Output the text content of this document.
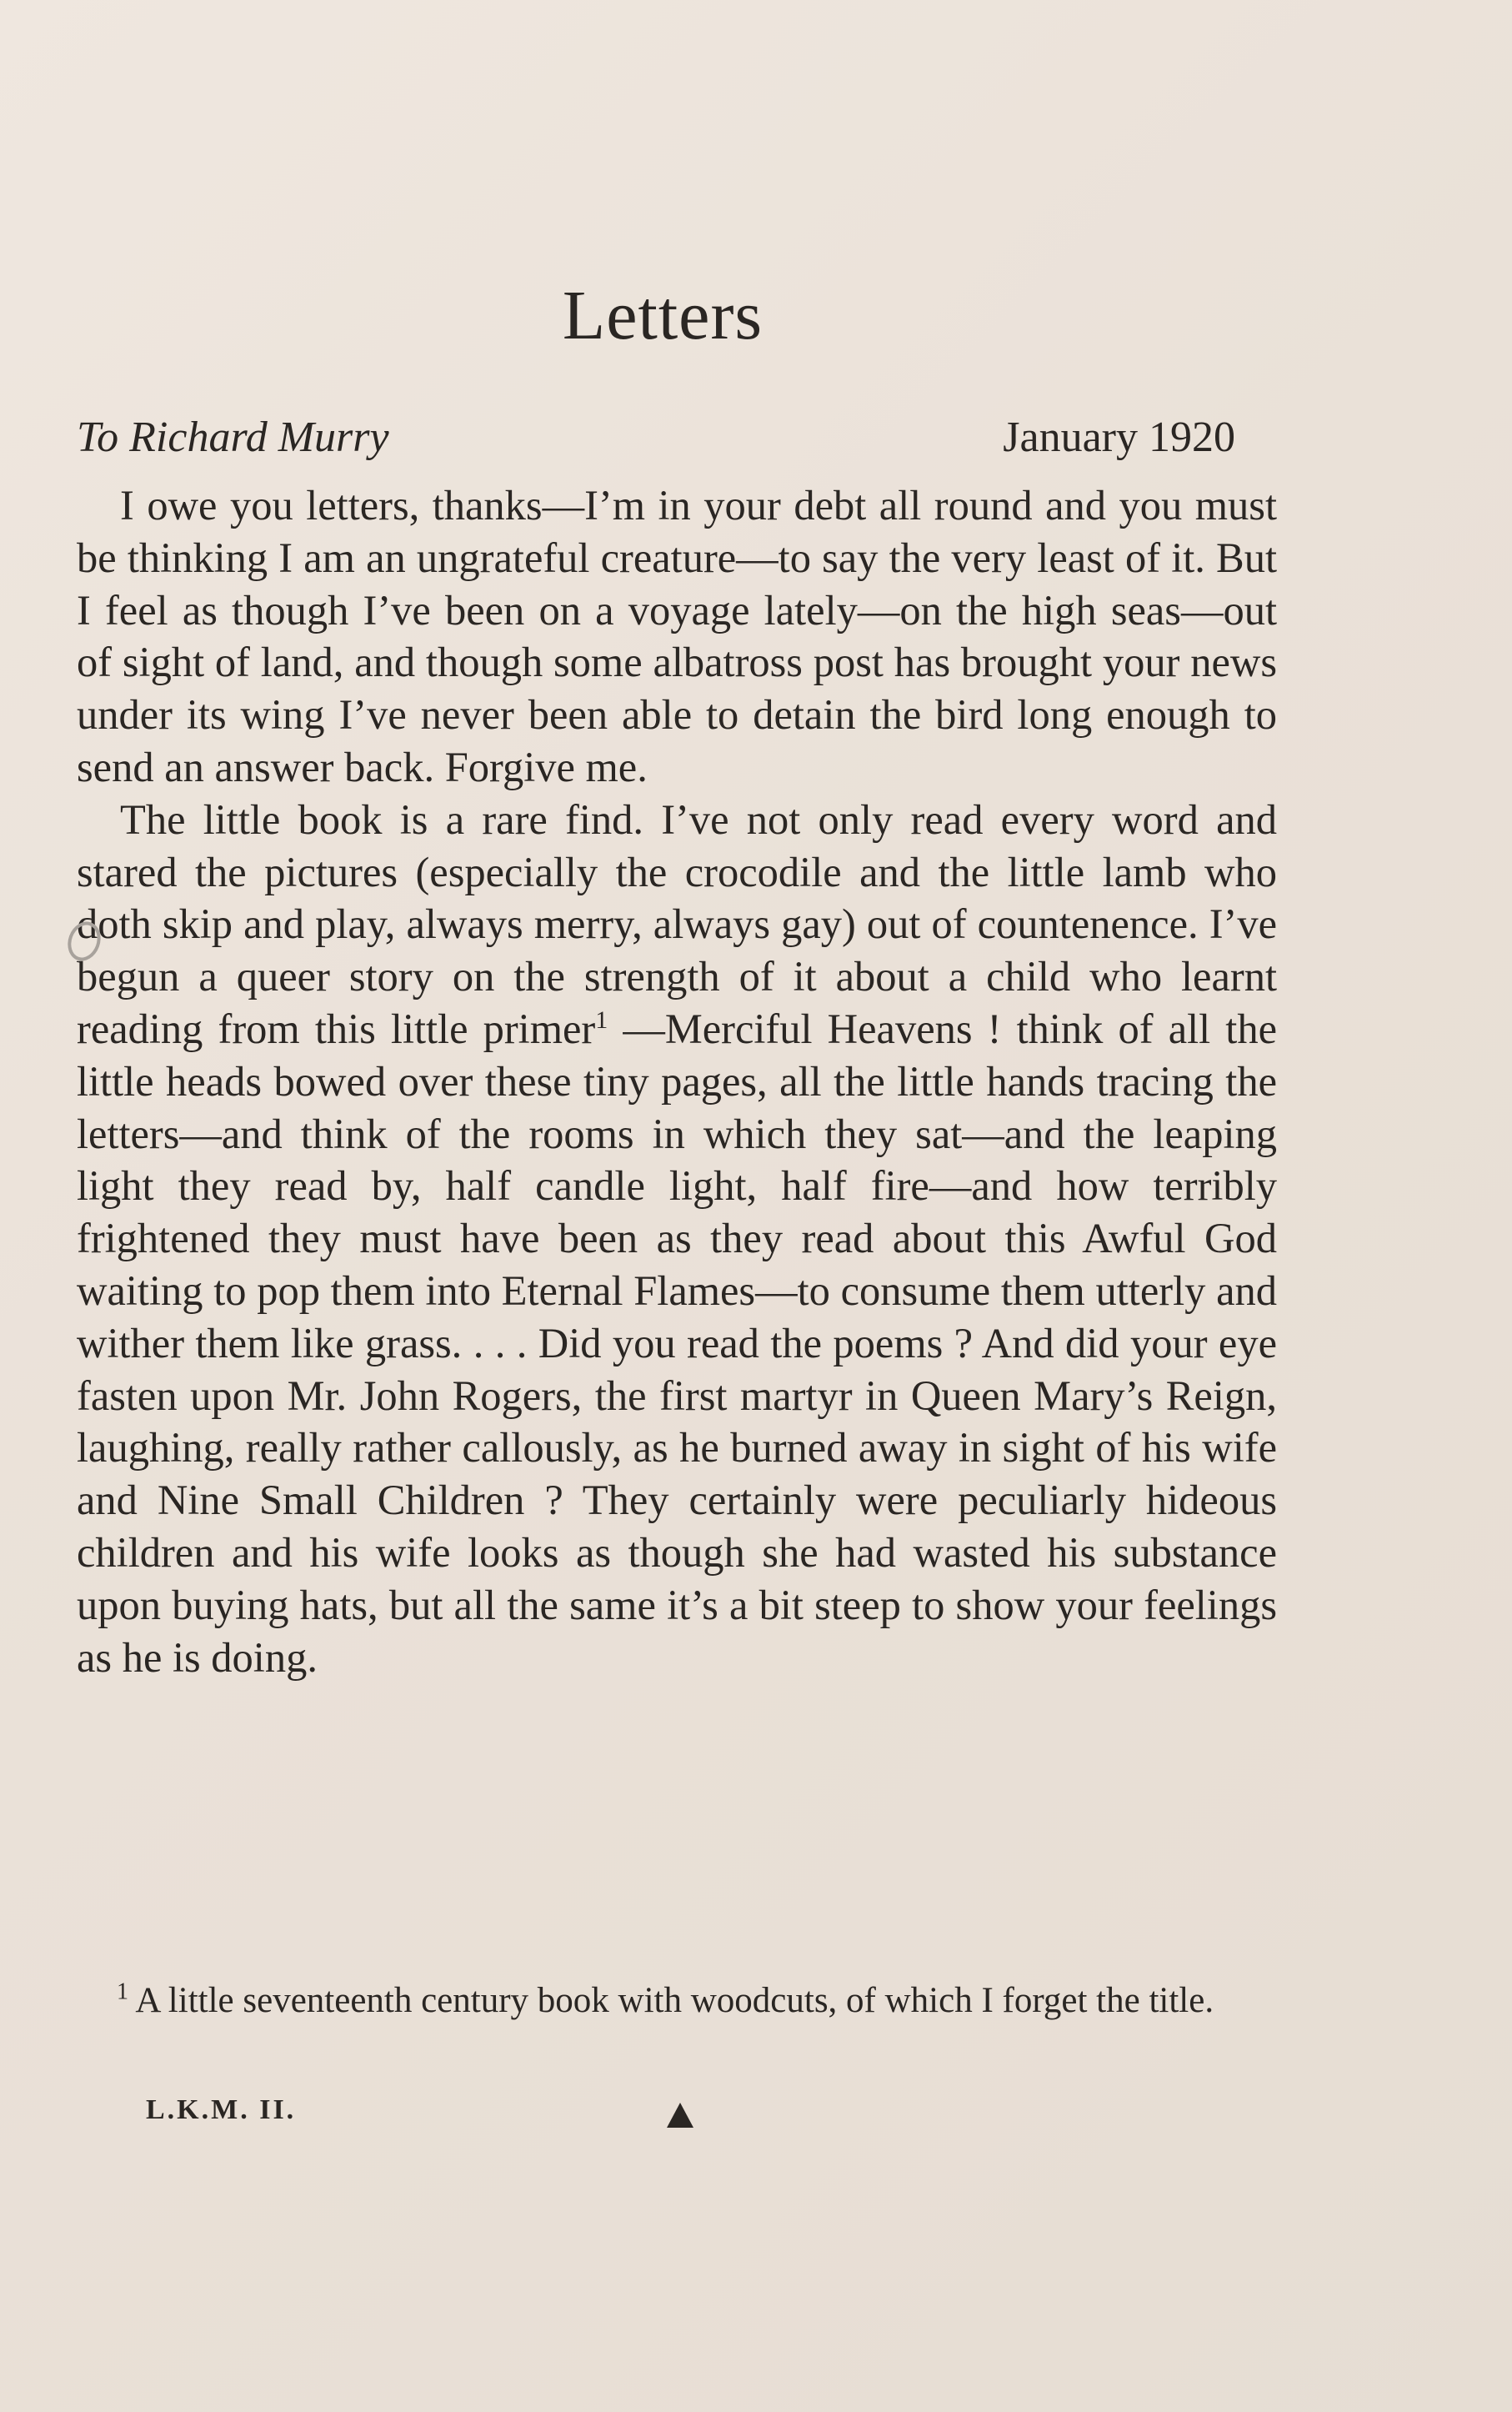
Letters
To Richard Murry	January 1920

I owe you letters, thanks—I’m in your debt all round and you must be thinking I am an ungrateful creature—to say the very least of it. But I feel as though I’ve been on a voyage lately—on the high seas—out of sight of land, and though some albatross post has brought your news under its wing I’ve never been able to detain the bird long enough to send an answer back. Forgive me.

The little book is a rare find. I’ve not only read every word and stared the pictures (especially the crocodile and the little lamb who doth skip and play, always merry, always gay) out of countenence. I’ve begun a queer story on the strength of it about a child who learnt reading from this little primer$^1$ —Merciful Heavens ! think of all the little heads bowed over these tiny pages, all the little hands tracing the letters—and think of the rooms in which they sat—and the leaping light they read by, half candle light, half fire—and how terribly frightened they must have been as they read about this Awful God waiting to pop them into Eternal Flames—to consume them utterly and wither them like grass. . . . Did you read the poems ? And did your eye fasten upon Mr. John Rogers, the first martyr in Queen Mary’s Reign, laughing, really rather callously, as he burned away in sight of his wife and Nine Small Children ? They certainly were peculiarly hideous children and his wife looks as though she had wasted his substance upon buying hats, but all the same it’s a bit steep to show your feelings as he is doing.

$^1$ A little seventeenth century book with woodcuts, of which I forget the title.

L.K.M. II.
